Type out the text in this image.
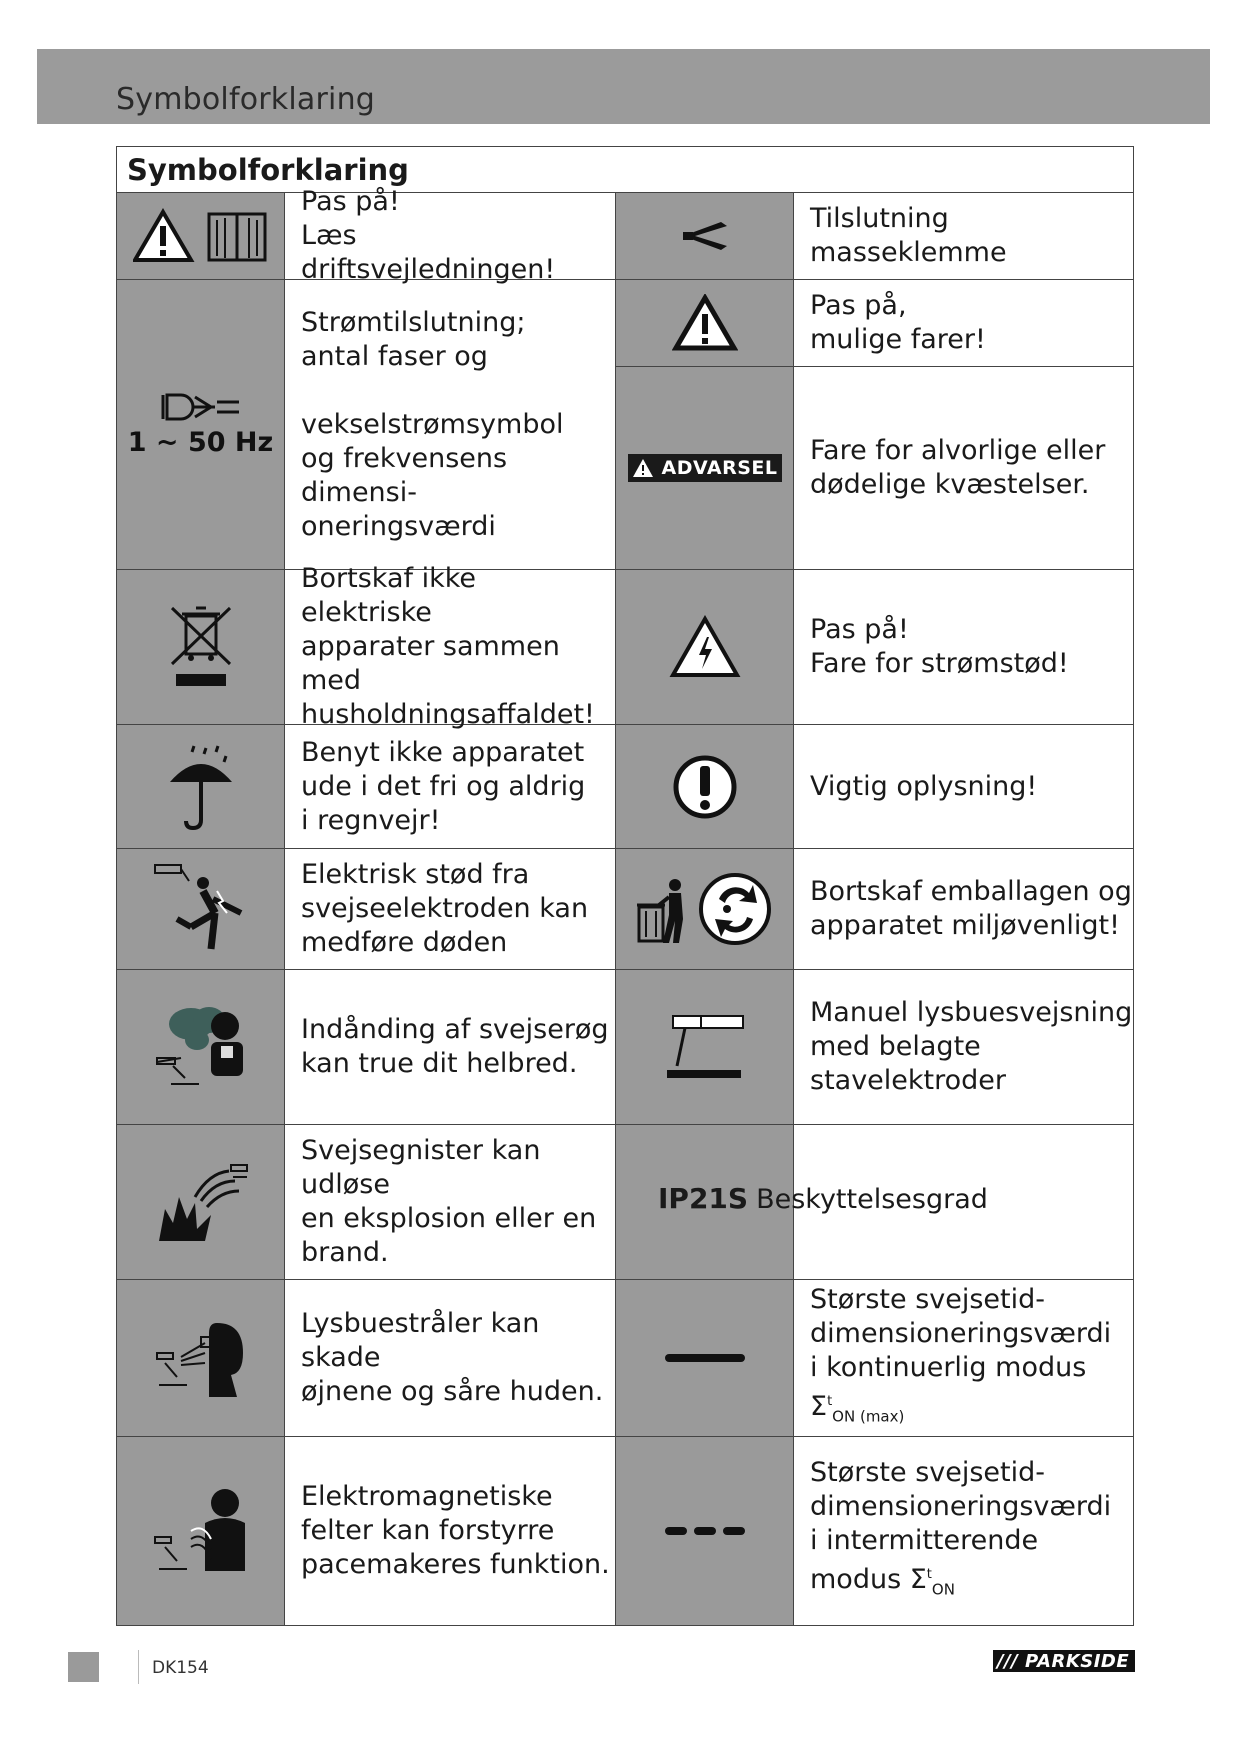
Symbolforklaring
Symbolforklaring
Pas på!
Læs driftsvejledningen!
1 ~ 50 Hz
Strømtilslutning;
antal faser og

vekselstrømsymbol
og frekvensens dimensi-
oneringsværdi
Bortskaf ikke elektriske
apparater sammen med
husholdningsaffaldet!
Benyt ikke apparatet
ude i det fri og aldrig
i regnvejr!
Elektrisk stød fra
svejseelektroden kan
medføre døden
Indånding af svejserøg
kan true dit helbred.
Svejsegnister kan udløse
en eksplosion eller en
brand.
Lysbuestråler kan skade
øjnene og såre huden.
Elektromagnetiske
felter kan forstyrre
pacemakeres funktion.
Tilslutning masseklemme
Pas på,
mulige farer!
ADVARSEL
Fare for alvorlige eller
dødelige kvæstelser.
Pas på!
Fare for strømstød!
Vigtig oplysning!
Bortskaf emballagen og
apparatet miljøvenligt!
Manuel lysbuesvejsning
med belagte
stavelektroder
IP21S Beskyttelsesgrad
Største svejsetid-
dimensioneringsværdi
i kontinuerlig modus
$\Sigma^t_{ON (max)}$
Største svejsetid-
dimensioneringsværdi
i intermitterende
modus $\Sigma^t_{ON}$
DK154	/// PARKSIDE
